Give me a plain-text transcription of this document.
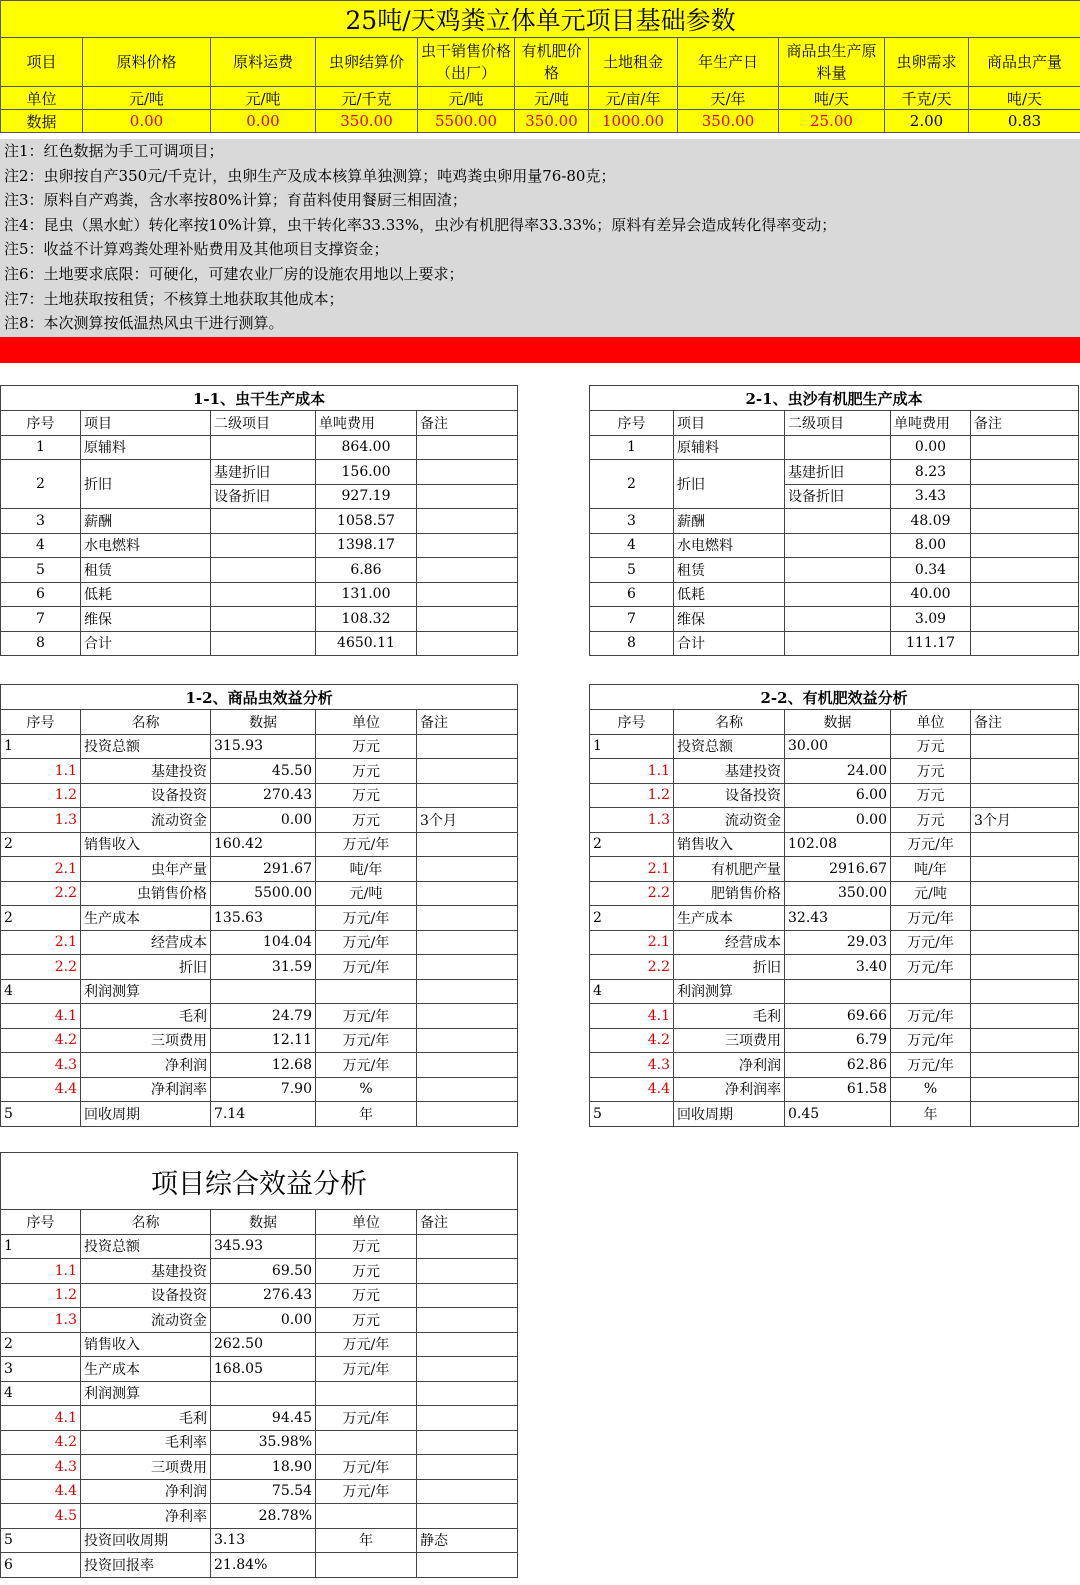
25吨/天鸡粪立体单元项目基础参数										
项目	原料价格	原料运费	虫卵结算价	虫干销售价格（出厂）	有机肥价格	土地租金	年生产日	商品虫生产原料量	虫卵需求	商品虫产量
单位	元/吨	元/吨	元/千克	元/吨	元/吨	元/亩/年	天/年	吨/天	千克/天	吨/天
数据	0.00	0.00	350.00	5500.00	350.00	1000.00	350.00	25.00	2.00	0.83
注1：红色数据为手工可调项目；
注2：虫卵按自产350元/千克计，虫卵生产及成本核算单独测算；吨鸡粪虫卵用量76-80克；
注3：原料自产鸡粪，含水率按80%计算；育苗料使用餐厨三相固渣；
注4：昆虫（黑水虻）转化率按10%计算，虫干转化率33.33%，虫沙有机肥得率33.33%；原料有差异会造成转化得率变动；
注5：收益不计算鸡粪处理补贴费用及其他项目支撑资金；
注6：土地要求底限：可硬化，可建农业厂房的设施农用地以上要求；
注7：土地获取按租赁；不核算土地获取其他成本；
注8：本次测算按低温热风虫干进行测算。
1-1、虫干生产成本				
序号	项目	二级项目	单吨费用	备注
1	原辅料		864.00	
2	折旧	基建折旧	156.00	
		设备折旧	927.19	
3	薪酬		1058.57	
4	水电燃料		1398.17	
5	租赁		6.86	
6	低耗		131.00	
7	维保		108.32	
8	合计		4650.11	
2-1、虫沙有机肥生产成本				
序号	项目	二级项目	单吨费用	备注
1	原辅料		0.00	
2	折旧	基建折旧	8.23	
		设备折旧	3.43	
3	薪酬		48.09	
4	水电燃料		8.00	
5	租赁		0.34	
6	低耗		40.00	
7	维保		3.09	
8	合计		111.17	
1-2、商品虫效益分析				
序号	名称	数据	单位	备注
1	投资总额	315.93	万元	
1.1	基建投资	45.50	万元	
1.2	设备投资	270.43	万元	
1.3	流动资金	0.00	万元	3个月
2	销售收入	160.42	万元/年	
2.1	虫年产量	291.67	吨/年	
2.2	虫销售价格	5500.00	元/吨	
2	生产成本	135.63	万元/年	
2.1	经营成本	104.04	万元/年	
2.2	折旧	31.59	万元/年	
4	利润测算			
4.1	毛利	24.79	万元/年	
4.2	三项费用	12.11	万元/年	
4.3	净利润	12.68	万元/年	
4.4	净利润率	7.90	%	
5	回收周期	7.14	年	
2-2、有机肥效益分析				
序号	名称	数据	单位	备注
1	投资总额	30.00	万元	
1.1	基建投资	24.00	万元	
1.2	设备投资	6.00	万元	
1.3	流动资金	0.00	万元	3个月
2	销售收入	102.08	万元/年	
2.1	有机肥产量	2916.67	吨/年	
2.2	肥销售价格	350.00	元/吨	
2	生产成本	32.43	万元/年	
2.1	经营成本	29.03	万元/年	
2.2	折旧	3.40	万元/年	
4	利润测算			
4.1	毛利	69.66	万元/年	
4.2	三项费用	6.79	万元/年	
4.3	净利润	62.86	万元/年	
4.4	净利润率	61.58	%	
5	回收周期	0.45	年	
项目综合效益分析				
序号	名称	数据	单位	备注
1	投资总额	345.93	万元	
1.1	基建投资	69.50	万元	
1.2	设备投资	276.43	万元	
1.3	流动资金	0.00	万元	
2	销售收入	262.50	万元/年	
3	生产成本	168.05	万元/年	
4	利润测算			
4.1	毛利	94.45	万元/年	
4.2	毛利率	35.98%		
4.3	三项费用	18.90	万元/年	
4.4	净利润	75.54	万元/年	
4.5	净利率	28.78%		
5	投资回收周期	3.13	年	静态
6	投资回报率	21.84%		
